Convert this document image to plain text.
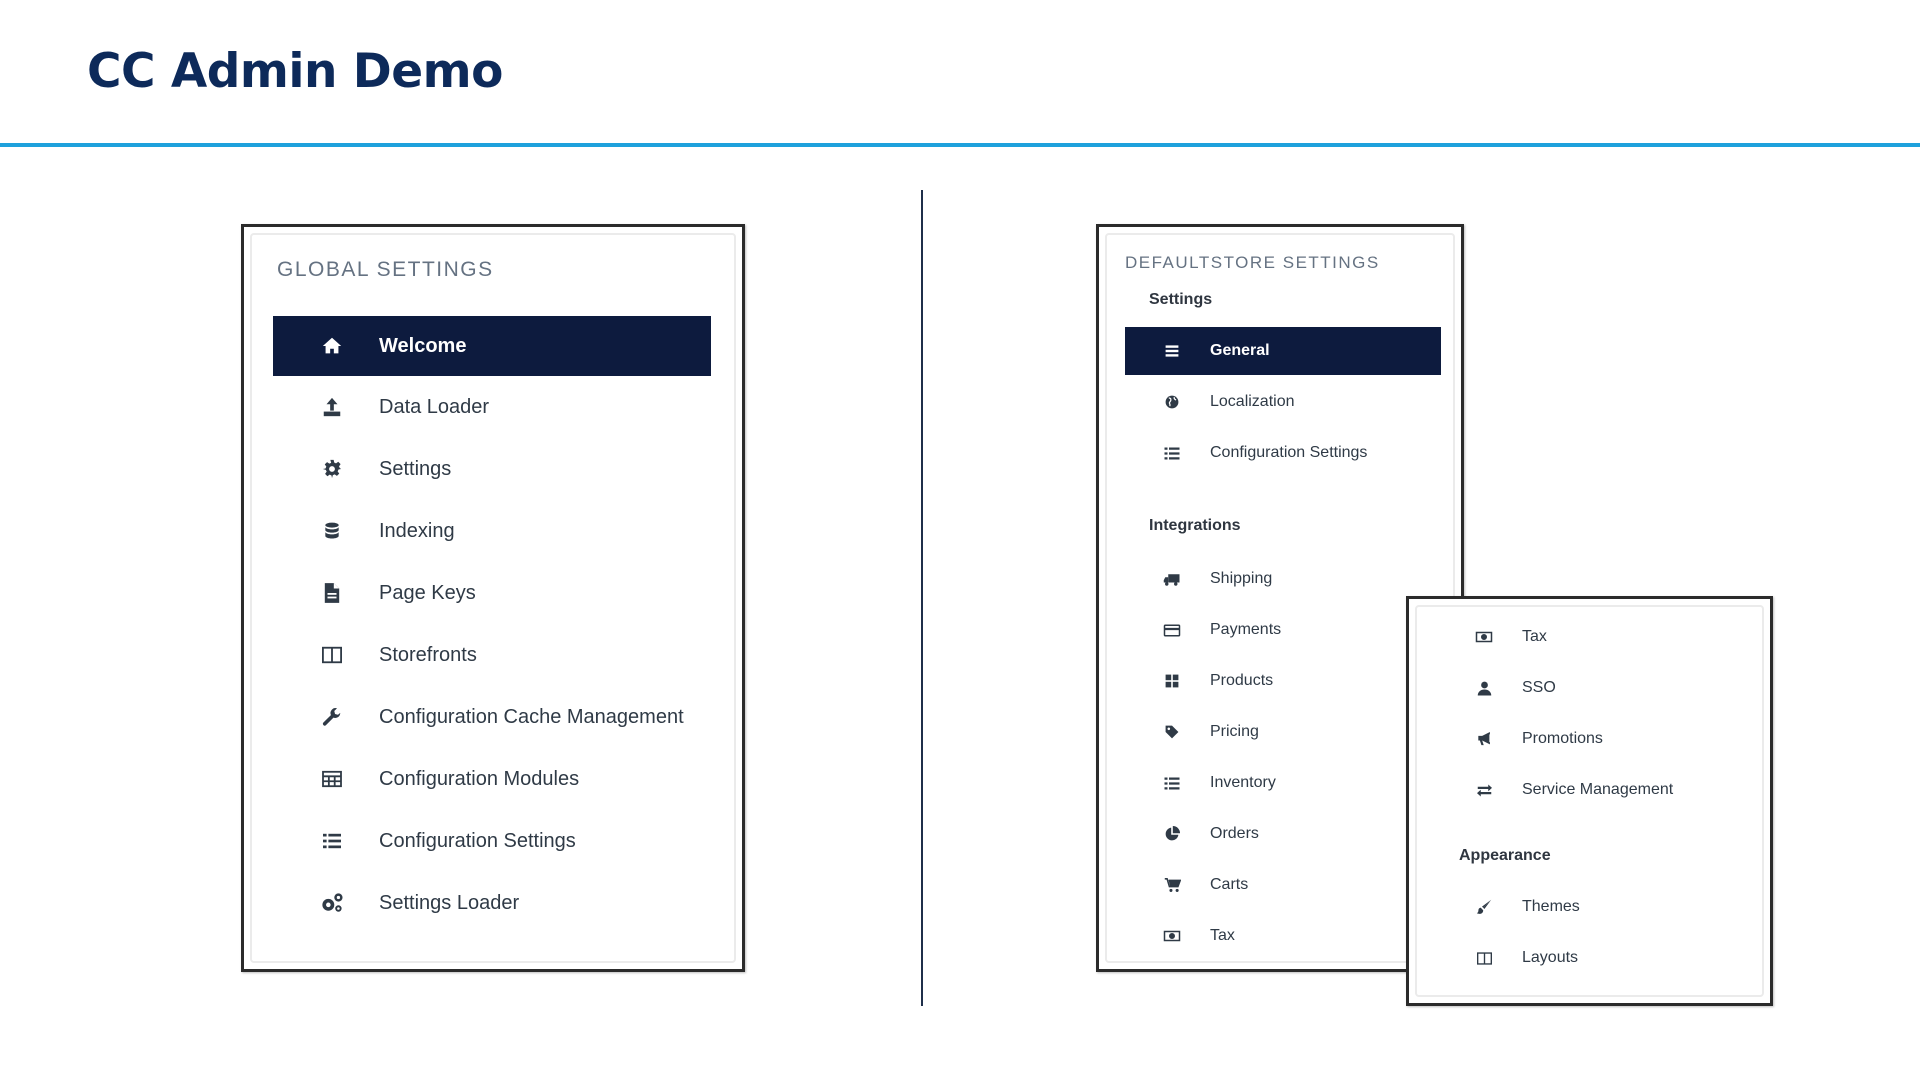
CC Admin Demo
GLOBAL SETTINGS
Welcome
Data Loader
Settings
Indexing
Page Keys
Storefronts
Configuration Cache Management
Configuration Modules
Configuration Settings
Settings Loader
DEFAULTSTORE SETTINGS
Settings
General
Localization
Configuration Settings
Integrations
Shipping
Payments
Products
Pricing
Inventory
Orders
Carts
Tax
Tax
SSO
Promotions
Service Management
Appearance
Themes
Layouts
